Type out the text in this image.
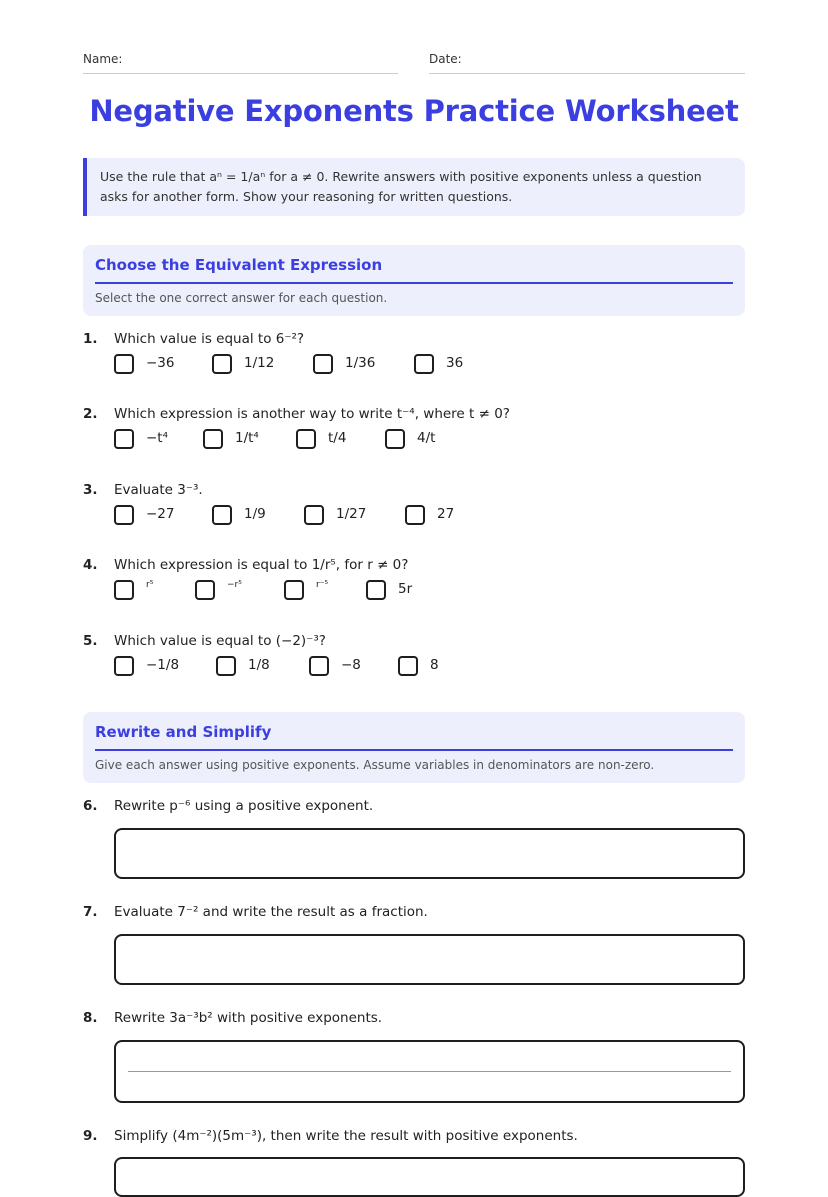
Name:	Date:
Negative Exponents Practice Worksheet
Use the rule that aⁿ = 1/aⁿ for a ≠ 0. Rewrite answers with positive exponents unless a question asks for another form. Show your reasoning for written questions.
Choose the Equivalent Expression
Select the one correct answer for each question.
1. Which value is equal to 6⁻²?
−36	1/12	1/36	36
2. Which expression is another way to write t⁻⁴, where t ≠ 0?
−t⁴	1/t⁴	t/4	4/t
3. Evaluate 3⁻³.
−27	1/9	1/27	27
4. Which expression is equal to 1/r⁵, for r ≠ 0?
r⁵	−r⁵	r⁻⁵	5r
5. Which value is equal to (−2)⁻³?
−1/8	1/8	−8	8
Rewrite and Simplify
Give each answer using positive exponents. Assume variables in denominators are non-zero.
6. Rewrite p⁻⁶ using a positive exponent.
7. Evaluate 7⁻² and write the result as a fraction.
8. Rewrite 3a⁻³b² with positive exponents.
9. Simplify (4m⁻²)(5m⁻³), then write the result with positive exponents.
